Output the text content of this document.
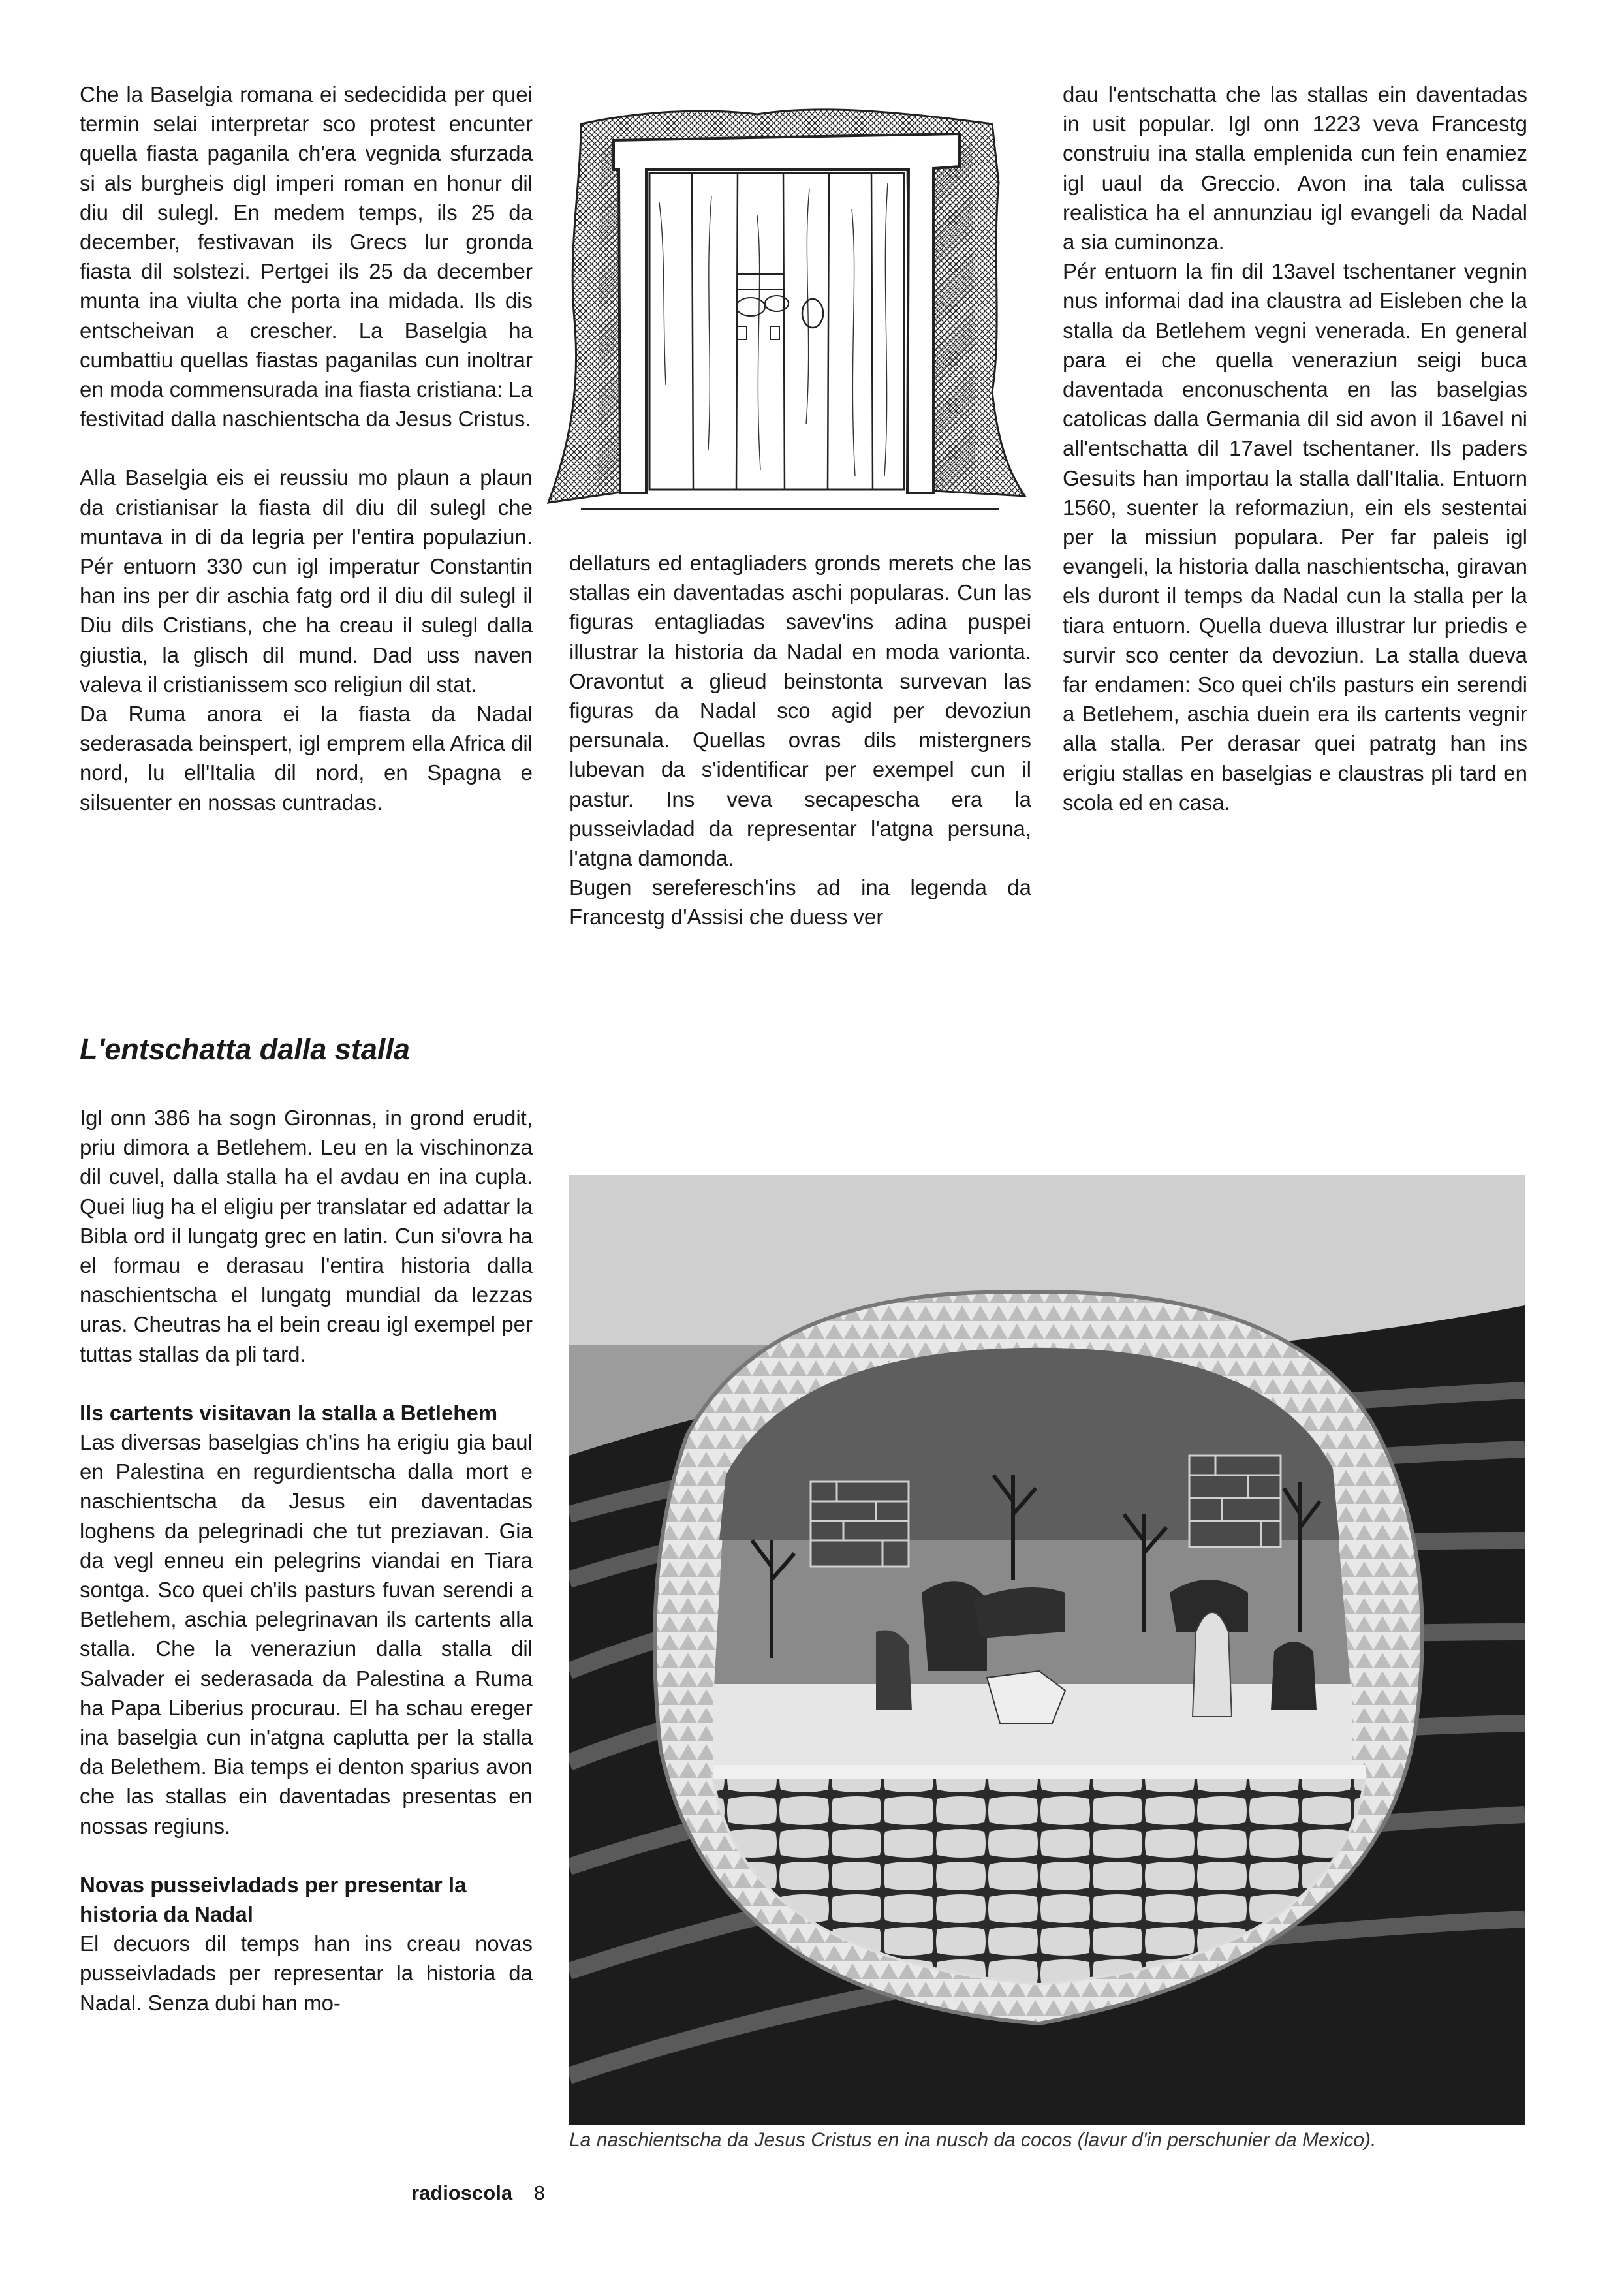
Che la Baselgia romana ei sedecidida per quei termin selai interpretar sco protest encunter quella fiasta paganila ch'era vegnida sfurzada si als burgheis digl imperi roman en honur dil diu dil sulegl. En medem temps, ils 25 da december, festivavan ils Grecs lur gronda fiasta dil solstezi. Pertgei ils 25 da december munta ina viulta che porta ina midada. Ils dis entscheivan a crescher. La Baselgia ha cumbattiu quellas fiastas paganilas cun inoltrar en moda commensurada ina fiasta cristiana: La festivitad dalla naschientscha da Jesus Cristus.

Alla Baselgia eis ei reussiu mo plaun a plaun da cristianisar la fiasta dil diu dil sulegl che muntava in di da legria per l'entira populaziun. Pér entuorn 330 cun igl imperatur Constantin han ins per dir aschia fatg ord il diu dil sulegl il Diu dils Cristians, che ha creau il sulegl dalla giustia, la glisch dil mund. Dad uss naven valeva il cristianissem sco religiun dil stat.

Da Ruma anora ei la fiasta da Nadal sederasada beinspert, igl emprem ella Africa dil nord, lu ell'Italia dil nord, en Spagna e silsuenter en nossas cuntradas.

dellaturs ed entagliaders gronds merets che las stallas ein daventadas aschi popularas. Cun las figuras entagliadas savev'ins adina puspei illustrar la historia da Nadal en moda varionta. Oravontut a glieud beinstonta survevan las figuras da Nadal sco agid per devoziun persunala. Quellas ovras dils mistergners lubevan da s'identificar per exempel cun il pastur. Ins veva secapescha era la pusseivladad da representar l'atgna persuna, l'atgna damonda.

Bugen sereferesch'ins ad ina legenda da Francestg d'Assisi che duess ver

dau l'entschatta che las stallas ein daventadas in usit popular. Igl onn 1223 veva Francestg construiu ina stalla emplenida cun fein enamiez igl uaul da Greccio. Avon ina tala culissa realistica ha el annunziau igl evangeli da Nadal a sia cuminonza.

Pér entuorn la fin dil 13avel tschentaner vegnin nus informai dad ina claustra ad Eisleben che la stalla da Betlehem vegni venerada. En general para ei che quella veneraziun seigi buca daventada enconuschenta en las baselgias catolicas dalla Germania dil sid avon il 16avel ni all'entschatta dil 17avel tschentaner. Ils paders Gesuits han importau la stalla dall'Italia. Entuorn 1560, suenter la reformaziun, ein els sestentai per la missiun populara. Per far paleis igl evangeli, la historia dalla naschientscha, giravan els duront il temps da Nadal cun la stalla per la tiara entuorn. Quella dueva illustrar lur priedis e survir sco center da devoziun. La stalla dueva far endamen: Sco quei ch'ils pasturs ein serendi a Betlehem, aschia duein era ils cartents vegnir alla stalla. Per derasar quei patratg han ins erigiu stallas en baselgias e claustras pli tard en scola ed en casa.

L'entschatta dalla stalla

Igl onn 386 ha sogn Gironnas, in grond erudit, priu dimora a Betlehem. Leu en la vischinonza dil cuvel, dalla stalla ha el avdau en ina cupla. Quei liug ha el eligiu per translatar ed adattar la Bibla ord il lungatg grec en latin. Cun si'ovra ha el formau e derasau l'entira historia dalla naschientscha el lungatg mundial da lezzas uras. Cheutras ha el bein creau igl exempel per tuttas stallas da pli tard.

Ils cartents visitavan la stalla a Betlehem

Las diversas baselgias ch'ins ha erigiu gia baul en Palestina en regurdientscha dalla mort e naschientscha da Jesus ein daventadas loghens da pelegrinadi che tut preziavan. Gia da vegl enneu ein pelegrins viandai en Tiara sontga. Sco quei ch'ils pasturs fuvan serendi a Betlehem, aschia pelegrinavan ils cartents alla stalla. Che la veneraziun dalla stalla dil Salvader ei sederasada da Palestina a Ruma ha Papa Liberius procurau. El ha schau ereger ina baselgia cun in'atgna caplutta per la stalla da Belethem. Bia temps ei denton sparius avon che las stallas ein daventadas presentas en nossas regiuns.

Novas pusseivladads per presentar la historia da Nadal

El decuors dil temps han ins creau novas pusseivladads per representar la historia da Nadal. Senza dubi han mo-

La naschientscha da Jesus Cristus en ina nusch da cocos (lavur d'in perschunier da Mexico).
radioscola 8
